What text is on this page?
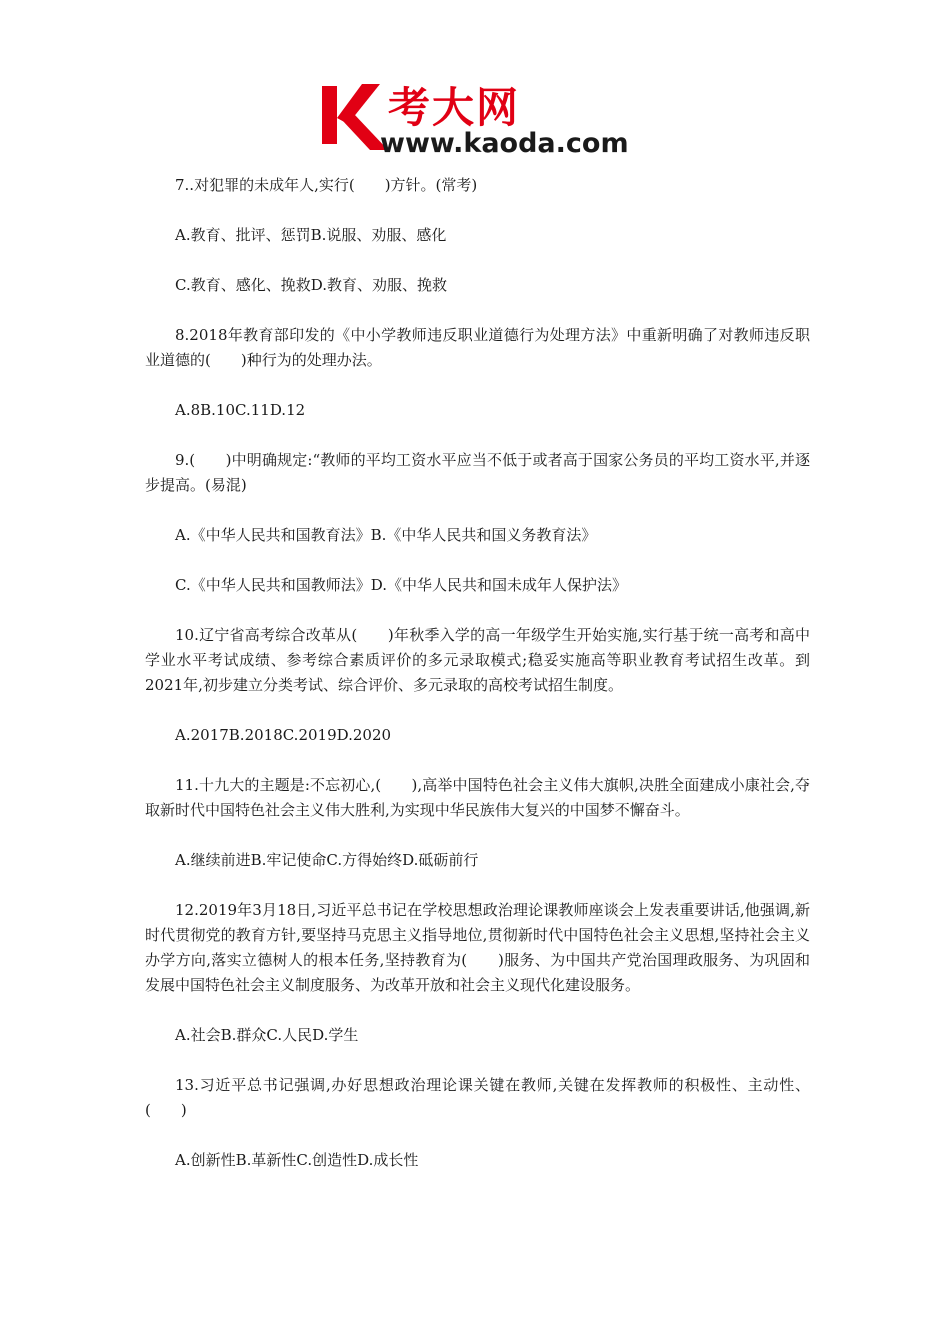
考大网
www.kaoda.com

7..对犯罪的未成年人,实行(　　)方针。(常考)

A.教育、批评、惩罚B.说服、劝服、感化

C.教育、感化、挽救D.教育、劝服、挽救

8.2018年教育部印发的《中小学教师违反职业道德行为处理方法》中重新明确了对教师违反职业道德的(　　)种行为的处理办法。

A.8B.10C.11D.12

9.(　　)中明确规定:“教师的平均工资水平应当不低于或者高于国家公务员的平均工资水平,并逐步提高。(易混)

A.《中华人民共和国教育法》B.《中华人民共和国义务教育法》

C.《中华人民共和国教师法》D.《中华人民共和国未成年人保护法》

10.辽宁省高考综合改革从(　　)年秋季入学的高一年级学生开始实施,实行基于统一高考和高中学业水平考试成绩、参考综合素质评价的多元录取模式;稳妥实施高等职业教育考试招生改革。到2021年,初步建立分类考试、综合评价、多元录取的高校考试招生制度。

A.2017B.2018C.2019D.2020

11.十九大的主题是:不忘初心,(　　),高举中国特色社会主义伟大旗帜,决胜全面建成小康社会,夺取新时代中国特色社会主义伟大胜利,为实现中华民族伟大复兴的中国梦不懈奋斗。

A.继续前进B.牢记使命C.方得始终D.砥砺前行

12.2019年3月18日,习近平总书记在学校思想政治理论课教师座谈会上发表重要讲话,他强调,新时代贯彻党的教育方针,要坚持马克思主义指导地位,贯彻新时代中国特色社会主义思想,坚持社会主义办学方向,落实立德树人的根本任务,坚持教育为(　　)服务、为中国共产党治国理政服务、为巩固和发展中国特色社会主义制度服务、为改革开放和社会主义现代化建设服务。

A.社会B.群众C.人民D.学生

13.习近平总书记强调,办好思想政治理论课关键在教师,关键在发挥教师的积极性、主动性、(　　)

A.创新性B.革新性C.创造性D.成长性
